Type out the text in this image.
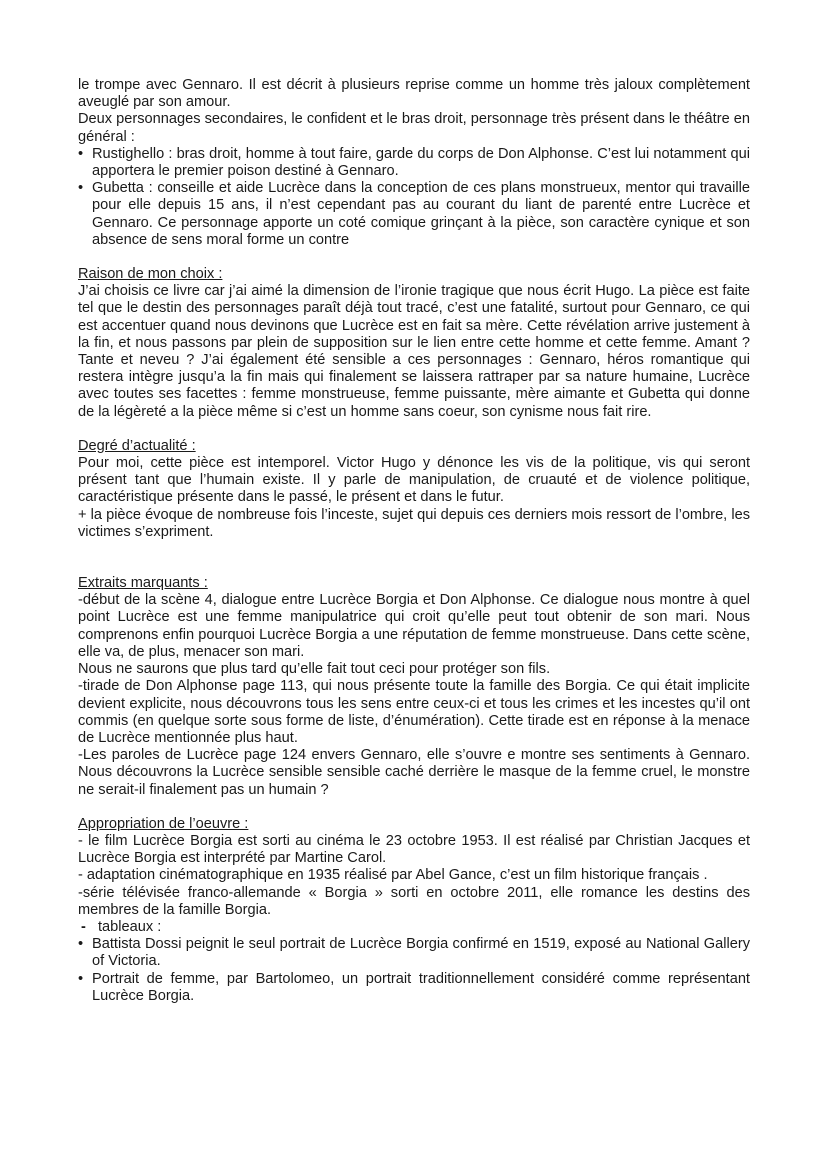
le trompe avec Gennaro. Il est décrit à plusieurs reprise comme un homme très jaloux complètement aveuglé par son amour.

Deux personnages secondaires, le confident et le bras droit, personnage très présent dans le théâtre en général :

• Rustighello : bras droit, homme à tout faire, garde du corps de Don Alphonse. C’est lui notamment qui apportera le premier poison destiné à Gennaro.
• Gubetta : conseille et aide Lucrèce dans la conception de ces plans monstrueux, mentor qui travaille pour elle depuis 15 ans, il n’est cependant pas au courant du liant de parenté entre Lucrèce et Gennaro. Ce personnage apporte un coté comique grinçant à la pièce, son caractère cynique et son absence de sens moral forme un contre

Raison de mon choix :

J’ai choisis ce livre car j’ai aimé la dimension de l’ironie tragique que nous écrit Hugo. La pièce est faite tel que le destin des personnages paraît déjà tout tracé, c’est une fatalité, surtout pour Gennaro, ce qui est accentuer quand nous devinons que Lucrèce est en fait sa mère. Cette révélation arrive justement à la fin, et nous passons par plein de supposition sur le lien entre cette homme et cette femme. Amant ? Tante et neveu ? J’ai également été sensible a ces personnages : Gennaro, héros romantique qui restera intègre jusqu’a la fin mais qui finalement se laissera rattraper par sa nature humaine, Lucrèce avec toutes ses facettes : femme monstrueuse, femme puissante, mère aimante et Gubetta qui donne de la légèreté a la pièce même si c’est un homme sans coeur, son cynisme nous fait rire.

Degré d’actualité :

Pour moi, cette pièce est intemporel. Victor Hugo y dénonce les vis de la politique, vis qui seront présent tant que l’humain existe. Il y parle de manipulation, de cruauté et de violence politique, caractéristique présente dans le passé, le présent et dans le futur.

+ la pièce évoque de nombreuse fois l’inceste, sujet qui depuis ces derniers mois ressort de l’ombre, les victimes s’expriment.

Extraits marquants :

-début de la scène 4, dialogue entre Lucrèce Borgia et Don Alphonse. Ce dialogue nous montre à quel point Lucrèce est une femme manipulatrice qui croit qu’elle peut tout obtenir de son mari. Nous comprenons enfin pourquoi Lucrèce Borgia a une réputation de femme monstrueuse. Dans cette scène, elle va, de plus, menacer son mari.

Nous ne saurons que plus tard qu’elle fait tout ceci pour protéger son fils.

-tirade de Don Alphonse page 113, qui nous présente toute la famille des Borgia. Ce qui était implicite devient explicite, nous découvrons tous les sens entre ceux-ci et tous les crimes et les incestes qu’il ont commis (en quelque sorte sous forme de liste, d’énumération). Cette tirade est en réponse à la menace de Lucrèce mentionnée plus haut.

-Les paroles de Lucrèce page 124 envers Gennaro, elle s’ouvre e montre ses sentiments à Gennaro. Nous découvrons la Lucrèce sensible sensible caché derrière le masque de la femme cruel, le monstre ne serait-il finalement pas un humain ?

Appropriation de l’oeuvre :

- le film Lucrèce Borgia est sorti au cinéma le 23 octobre 1953. Il est réalisé par Christian Jacques et Lucrèce Borgia est interprété par Martine Carol.

- adaptation cinématographique en 1935 réalisé par Abel Gance, c’est un film historique français .

-série télévisée franco-allemande « Borgia » sorti en octobre 2011, elle romance les destins des membres de la famille Borgia.

- tableaux :
• Battista Dossi peignit le seul portrait de Lucrèce Borgia confirmé en 1519, exposé au National Gallery of Victoria.
• Portrait de femme, par Bartolomeo, un portrait traditionnellement considéré comme représentant Lucrèce Borgia.
